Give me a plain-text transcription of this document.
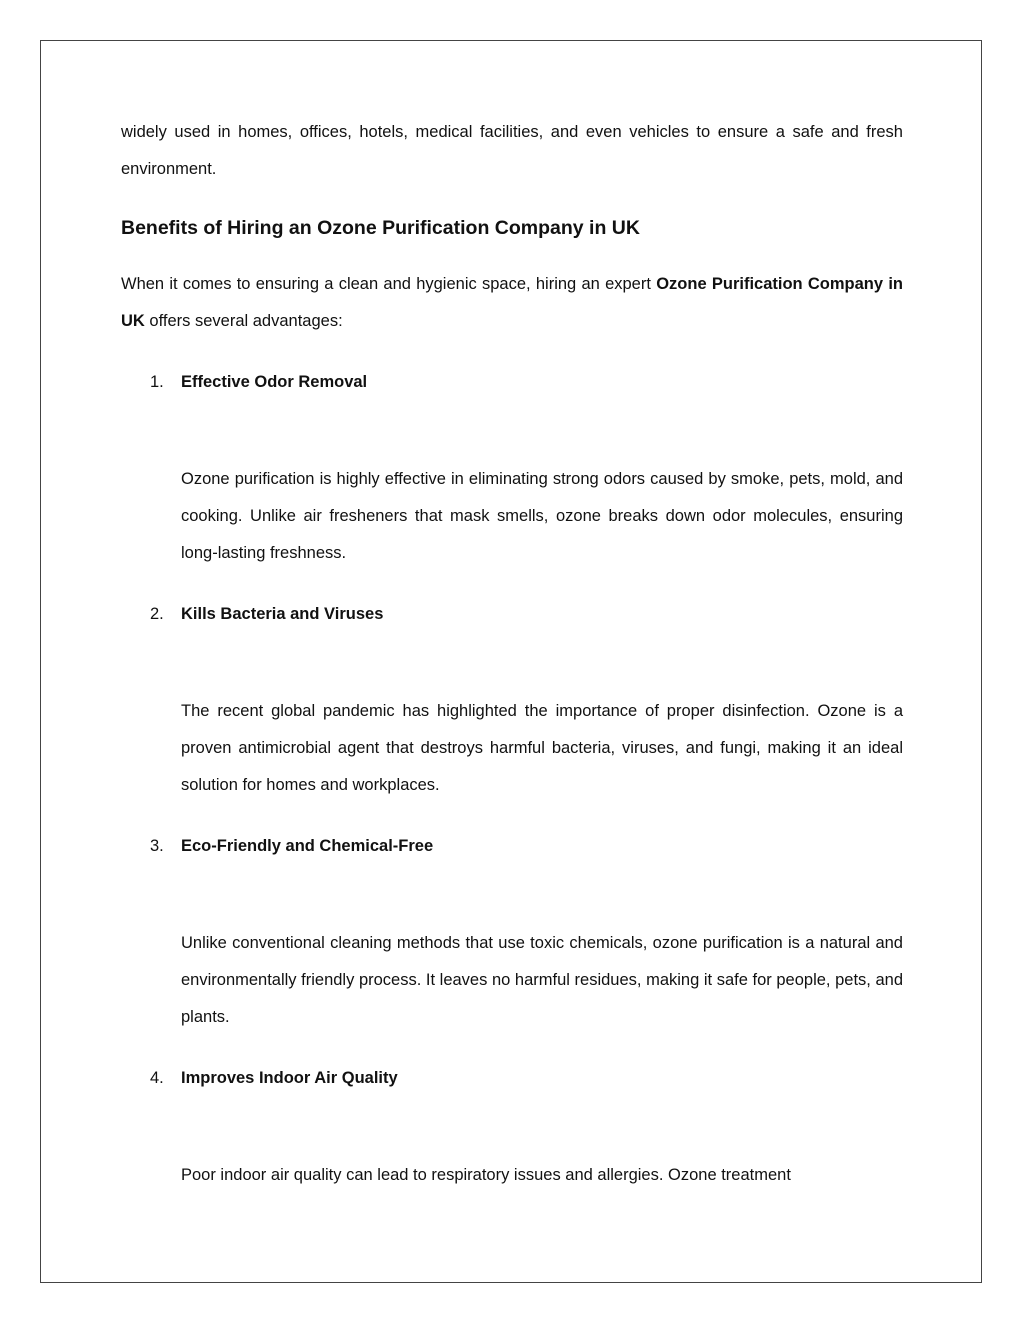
widely used in homes, offices, hotels, medical facilities, and even vehicles to ensure a safe and fresh environment.

Benefits of Hiring an Ozone Purification Company in UK

When it comes to ensuring a clean and hygienic space, hiring an expert Ozone Purification Company in UK offers several advantages:

1. Effective Odor Removal

Ozone purification is highly effective in eliminating strong odors caused by smoke, pets, mold, and cooking. Unlike air fresheners that mask smells, ozone breaks down odor molecules, ensuring long-lasting freshness.

2. Kills Bacteria and Viruses

The recent global pandemic has highlighted the importance of proper disinfection. Ozone is a proven antimicrobial agent that destroys harmful bacteria, viruses, and fungi, making it an ideal solution for homes and workplaces.

3. Eco-Friendly and Chemical-Free

Unlike conventional cleaning methods that use toxic chemicals, ozone purification is a natural and environmentally friendly process. It leaves no harmful residues, making it safe for people, pets, and plants.

4. Improves Indoor Air Quality

Poor indoor air quality can lead to respiratory issues and allergies. Ozone treatment
